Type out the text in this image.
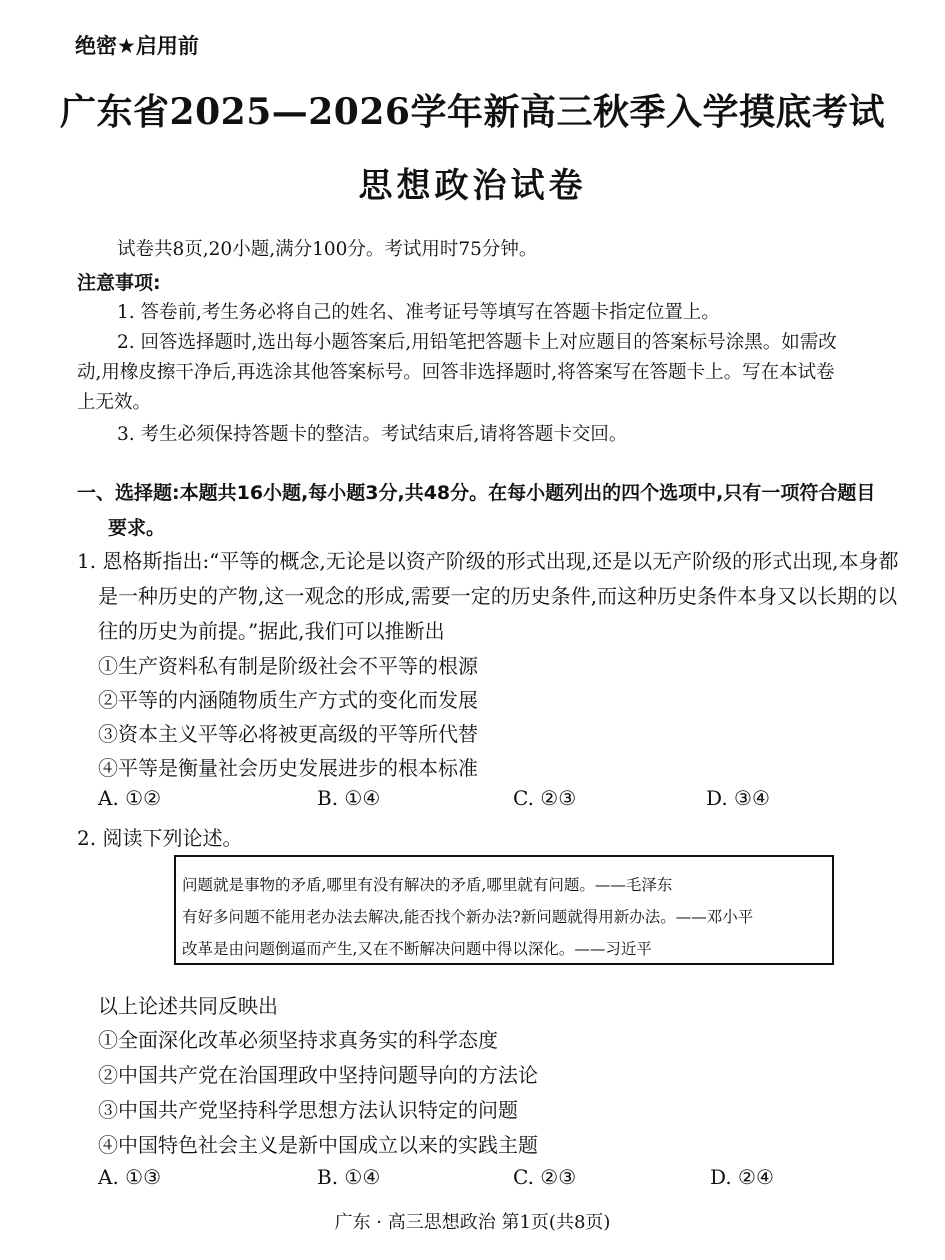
绝密★启用前
广东省2025—2026学年新高三秋季入学摸底考试
思想政治试卷
试卷共8页,20小题,满分100分。考试用时75分钟。
注意事项:
1. 答卷前,考生务必将自己的姓名、准考证号等填写在答题卡指定位置上。
2. 回答选择题时,选出每小题答案后,用铅笔把答题卡上对应题目的答案标号涂黑。如需改
动,用橡皮擦干净后,再选涂其他答案标号。回答非选择题时,将答案写在答题卡上。写在本试卷
上无效。
3. 考生必须保持答题卡的整洁。考试结束后,请将答题卡交回。
一、选择题:本题共16小题,每小题3分,共48分。在每小题列出的四个选项中,只有一项符合题目
要求。
1. 恩格斯指出:“平等的概念,无论是以资产阶级的形式出现,还是以无产阶级的形式出现,本身都
是一种历史的产物,这一观念的形成,需要一定的历史条件,而这种历史条件本身又以长期的以
往的历史为前提。”据此,我们可以推断出
①生产资料私有制是阶级社会不平等的根源
②平等的内涵随物质生产方式的变化而发展
③资本主义平等必将被更高级的平等所代替
④平等是衡量社会历史发展进步的根本标准
A. ①②	B. ①④	C. ②③	D. ③④
2. 阅读下列论述。
问题就是事物的矛盾,哪里有没有解决的矛盾,哪里就有问题。——毛泽东
有好多问题不能用老办法去解决,能否找个新办法?新问题就得用新办法。——邓小平
改革是由问题倒逼而产生,又在不断解决问题中得以深化。——习近平
以上论述共同反映出
①全面深化改革必须坚持求真务实的科学态度
②中国共产党在治国理政中坚持问题导向的方法论
③中国共产党坚持科学思想方法认识特定的问题
④中国特色社会主义是新中国成立以来的实践主题
A. ①③	B. ①④	C. ②③	D. ②④
广东 · 高三思想政治 第1页(共8页)
